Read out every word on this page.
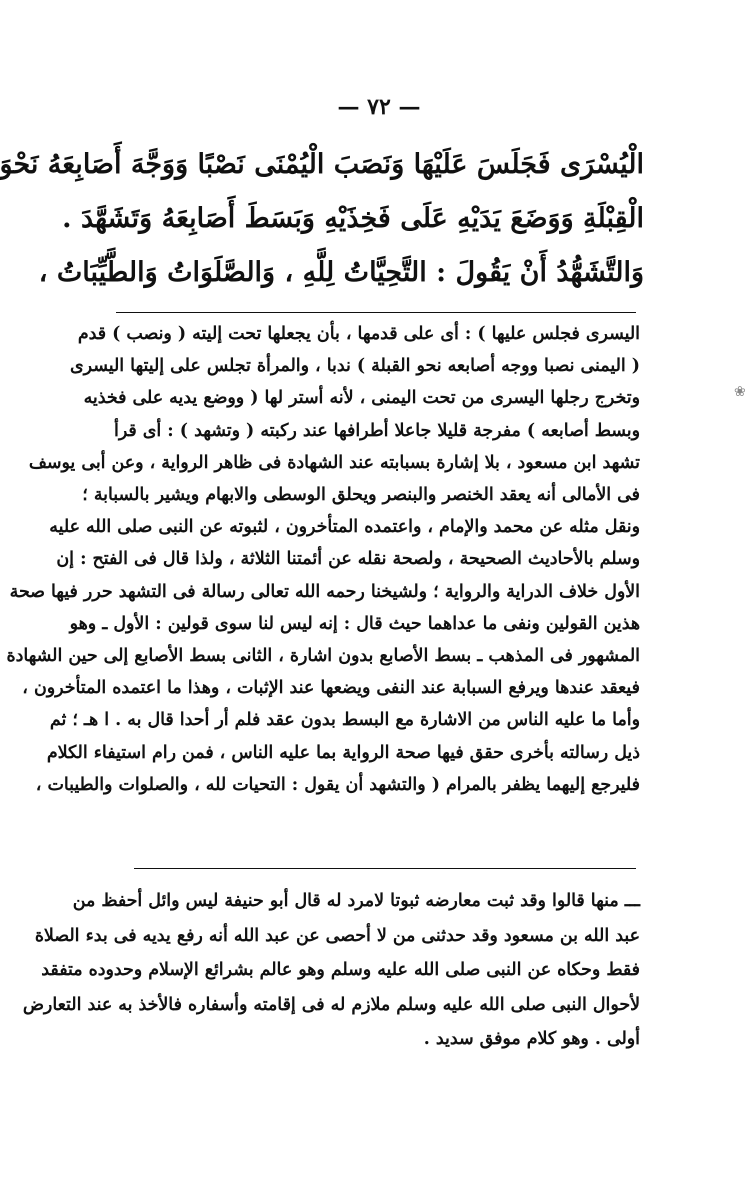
— ٧٢ —
❀

الْيُسْرَى فَجَلَسَ عَلَيْهَا وَنَصَبَ الْيُمْنَى نَصْبًا وَوَجَّهَ أَصَابِعَهُ نَحْوَ

الْقِبْلَةِ وَوَضَعَ يَدَيْهِ عَلَى فَخِذَيْهِ وَبَسَطَ أَصَابِعَهُ وَتَشَهَّدَ .

وَالتَّشَهُّدُ أَنْ يَقُولَ : التَّحِيَّاتُ لِلَّهِ ، وَالصَّلَوَاتُ وَالطَّيِّبَاتُ ،

اليسرى فجلس عليها ) : أى على قدمها ، بأن يجعلها تحت إليته ( ونصب ) قدم

( اليمنى نصبا ووجه أصابعه نحو القبلة ) ندبا ، والمرأة تجلس على إليتها اليسرى

وتخرج رجلها اليسرى من تحت اليمنى ، لأنه أستر لها ( ووضع يديه على فخذيه

وبسط أصابعه ) مفرجة قليلا جاعلا أطرافها عند ركبته ( وتشهد ) : أى قرأ

تشهد ابن مسعود ، بلا إشارة بسبابته عند الشهادة فى ظاهر الرواية ، وعن أبى يوسف

فى الأمالى أنه يعقد الخنصر والبنصر ويحلق الوسطى والابهام ويشير بالسبابة ؛

ونقل مثله عن محمد والإمام ، واعتمده المتأخرون ، لثبوته عن النبى صلى الله عليه

وسلم بالأحاديث الصحيحة ، ولصحة نقله عن أئمتنا الثلاثة ، ولذا قال فى الفتح : إن

الأول خلاف الدراية والرواية ؛ ولشيخنا رحمه الله تعالى رسالة فى التشهد حرر فيها صحة

هذين القولين ونفى ما عداهما حيث قال : إنه ليس لنا سوى قولين : الأول ـ وهو

المشهور فى المذهب ـ بسط الأصابع بدون اشارة ، الثانى بسط الأصابع إلى حين الشهادة

فيعقد عندها ويرفع السبابة عند النفى ويضعها عند الإثبات ، وهذا ما اعتمده المتأخرون ،

وأما ما عليه الناس من الاشارة مع البسط بدون عقد فلم أر أحدا قال به . ا هـ ؛ ثم

ذيل رسالته بأخرى حقق فيها صحة الرواية بما عليه الناس ، فمن رام استيفاء الكلام

فليرجع إليهما يظفر بالمرام ( والتشهد أن يقول : التحيات لله ، والصلوات والطيبات ،

ـــ منها قالوا وقد ثبت معارضه ثبوتا لامرد له قال أبو حنيفة ليس وائل أحفظ من

عبد الله بن مسعود وقد حدثنى من لا أحصى عن عبد الله أنه رفع يديه فى بدء الصلاة

فقط وحكاه عن النبى صلى الله عليه وسلم وهو عالم بشرائع الإسلام وحدوده متفقد

لأحوال النبى صلى الله عليه وسلم ملازم له فى إقامته وأسفاره فالأخذ به عند التعارض

أولى . وهو كلام موفق سديد .
